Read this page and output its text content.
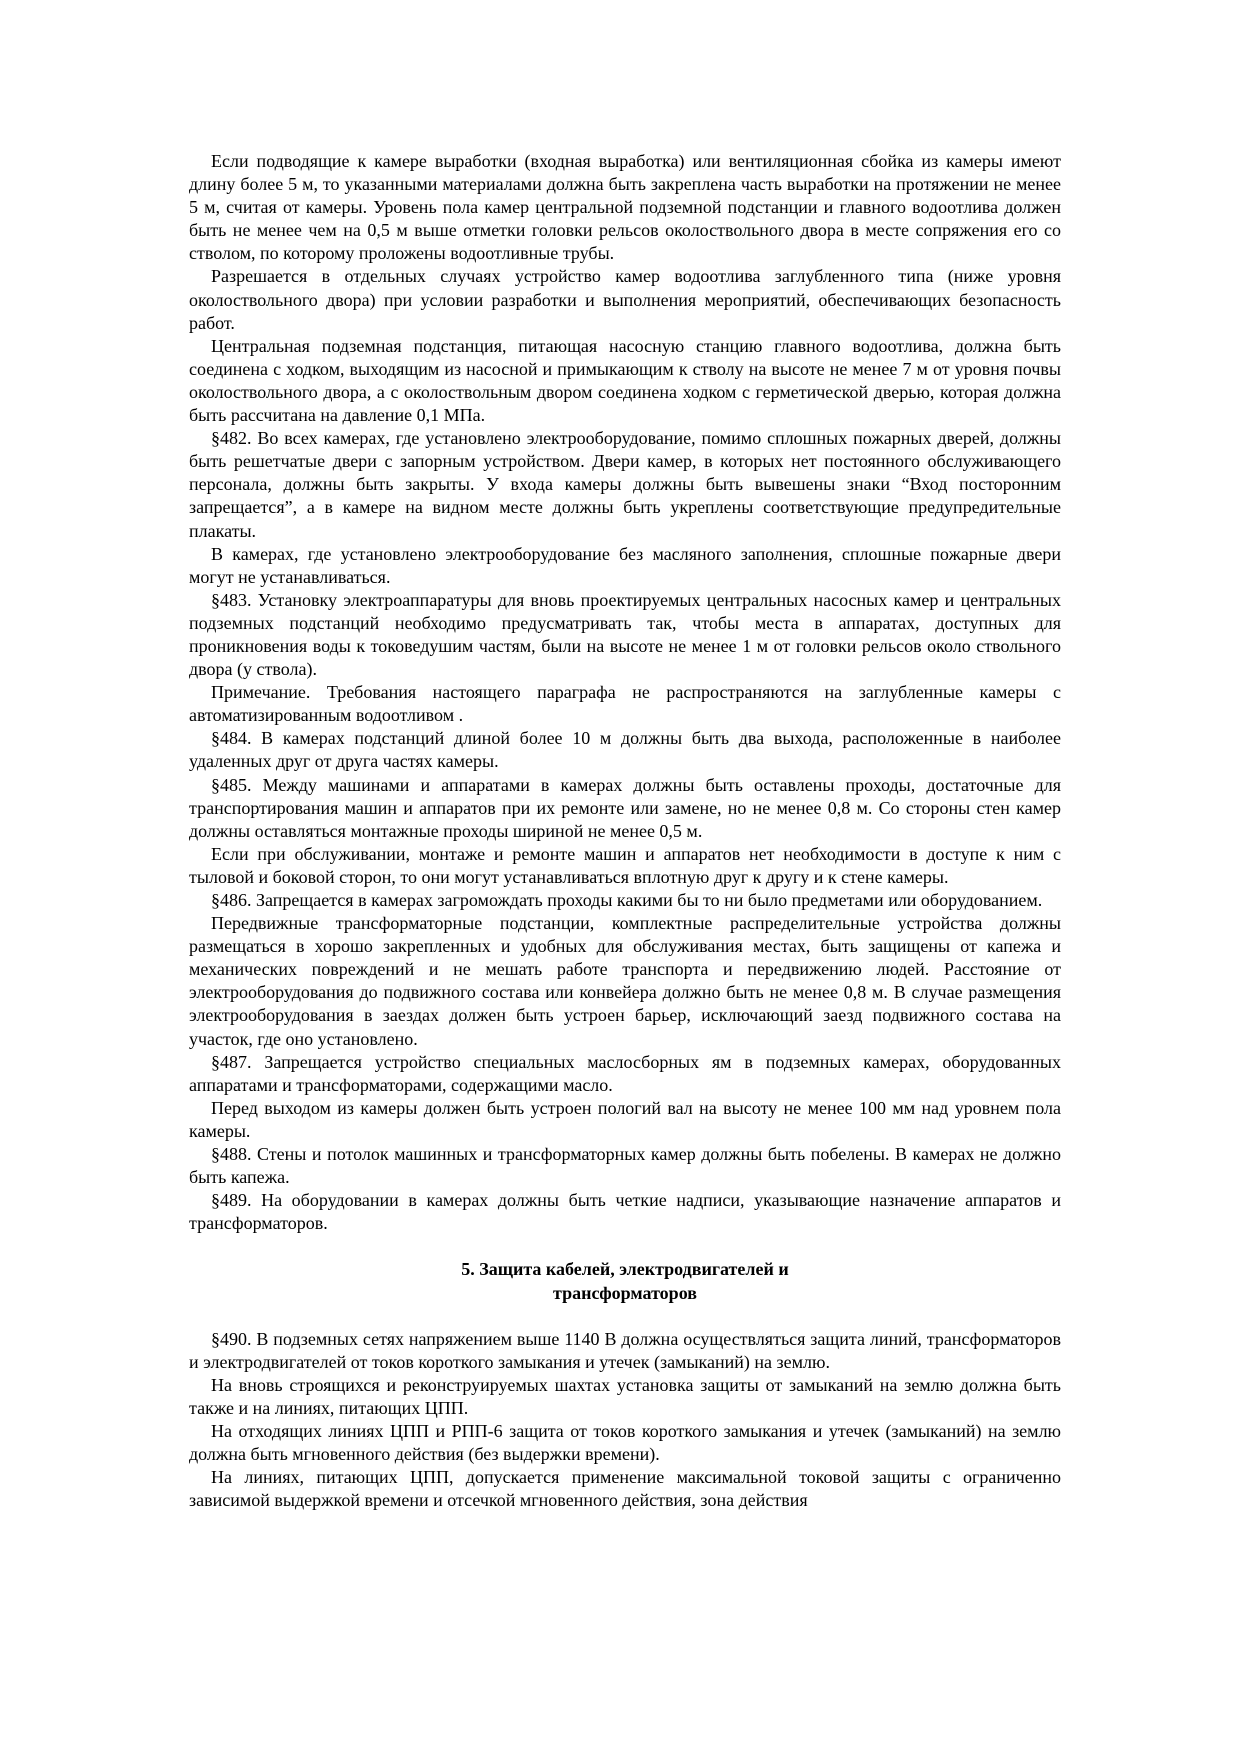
Если подводящие к камере выработки (входная выработка) или вентиляционная сбойка из камеры имеют длину более 5 м, то указанными материалами должна быть закреплена часть выработки на протяжении не менее 5 м, считая от камеры. Уровень пола камер центральной подземной подстанции и главного водоотлива должен быть не менее чем на 0,5 м выше отметки головки рельсов околоствольного двора в месте сопряжения его со стволом, по которому проложены водоотливные трубы.

Разрешается в отдельных случаях устройство камер водоотлива заглубленного типа (ниже уровня околоствольного двора) при условии разработки и выполнения мероприятий, обеспечивающих безопасность работ.

Центральная подземная подстанция, питающая насосную станцию главного водоотлива, должна быть соединена с ходком, выходящим из насосной и примыкающим к стволу на высоте не менее 7 м от уровня почвы околоствольного двора, а с околоствольным двором соединена ходком с герметической дверью, которая должна быть рассчитана на давление 0,1 МПа.

§482. Во всех камерах, где установлено электрооборудование, помимо сплошных пожарных дверей, должны быть решетчатые двери с запорным устройством. Двери камер, в которых нет постоянного обслуживающего персонала, должны быть закрыты. У входа камеры должны быть вывешены знаки “Вход посторонним запрещается”, а в камере на видном месте должны быть укреплены соответствующие предупредительные плакаты.

В камерах, где установлено электрооборудование без масляного заполнения, сплошные пожарные двери могут не устанавливаться.

§483. Установку электроаппаратуры для вновь проектируемых центральных насосных камер и центральных подземных подстанций необходимо предусматривать так, чтобы места в аппаратах, доступных для проникновения воды к токоведушим частям, были на высоте не менее 1 м от головки рельсов около ствольного двора (у ствола).

Примечание. Требования настоящего параграфа не распространяются на заглубленные камеры с автоматизированным водоотливом .

§484. В камерах подстанций длиной более 10 м должны быть два выхода, расположенные в наиболее удаленных друг от друга частях камеры.

§485. Между машинами и аппаратами в камерах должны быть оставлены проходы, достаточные для транспортирования машин и аппаратов при их ремонте или замене, но не менее 0,8 м. Со стороны стен камер должны оставляться монтажные проходы шириной не менее 0,5 м.

Если при обслуживании, монтаже и ремонте машин и аппаратов нет необходимости в доступе к ним с тыловой и боковой сторон, то они могут устанавливаться вплотную друг к другу и к стене камеры.

§486. Запрещается в камерах загромождать проходы какими бы то ни было предметами или оборудованием.

Передвижные трансформаторные подстанции, комплектные распределительные устройства должны размещаться в хорошо закрепленных и удобных для обслуживания местах, быть защищены от капежа и механических повреждений и не мешать работе транспорта и передвижению людей. Расстояние от электрооборудования до подвижного состава или конвейера должно быть не менее 0,8 м. В случае размещения электрооборудования в заездах должен быть устроен барьер, исключающий заезд подвижного состава на участок, где оно установлено.

§487. Запрещается устройство специальных маслосборных ям в подземных камерах, оборудованных аппаратами и трансформаторами, содержащими масло.

Перед выходом из камеры должен быть устроен пологий вал на высоту не менее 100 мм над уровнем пола камеры.

§488. Стены и потолок машинных и трансформаторных камер должны быть побелены. В камерах не должно быть капежа.

§489. На оборудовании в камерах должны быть четкие надписи, указывающие назначение аппаратов и трансформаторов.

5. Защита кабелей, электродвигателей и
трансформаторов

§490. В подземных сетях напряжением выше 1140 В должна осуществляться защита линий, трансформаторов и электродвигателей от токов короткого замыкания и утечек (замыканий) на землю.

На вновь строящихся и реконструируемых шахтах установка защиты от замыканий на землю должна быть также и на линиях, питающих ЦПП.

На отходящих линиях ЦПП и РПП-6 защита от токов короткого замыкания и утечек (замыканий) на землю должна быть мгновенного действия (без выдержки времени).

На линиях, питающих ЦПП, допускается применение максимальной токовой защиты с ограниченно зависимой выдержкой времени и отсечкой мгновенного действия, зона действия
